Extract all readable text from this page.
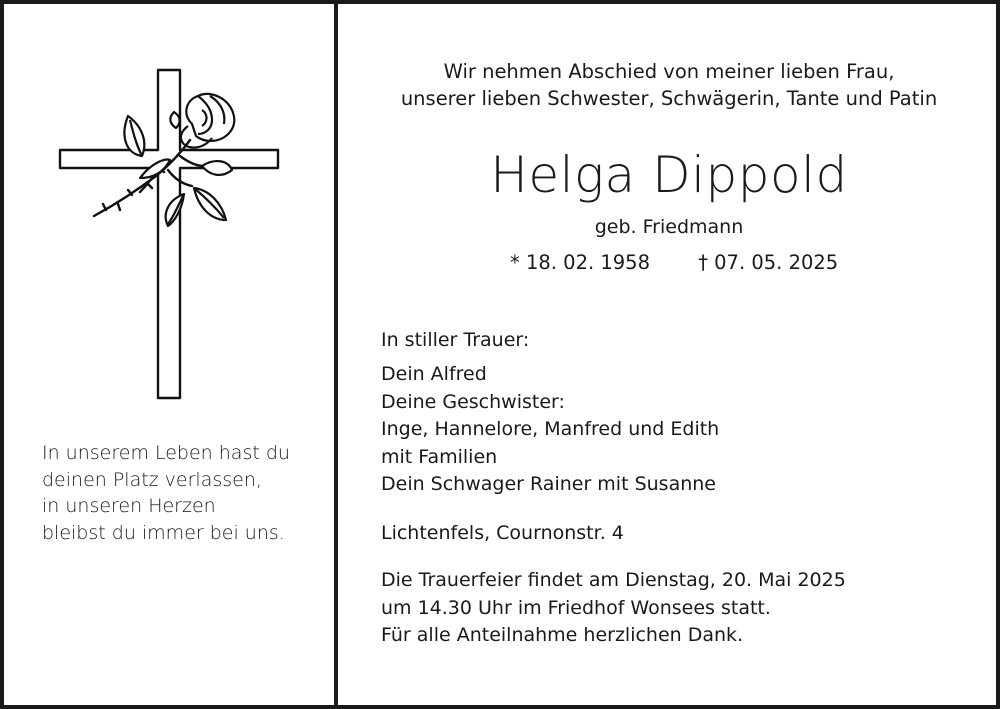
In unserem Leben hast du
deinen Platz verlassen,
in unseren Herzen
bleibst du immer bei uns.
Wir nehmen Abschied von meiner lieben Frau,
unserer lieben Schwester, Schwägerin, Tante und Patin
Helga Dippold
geb. Friedmann
* 18. 02. 1958 † 07. 05. 2025
In stiller Trauer:
Dein Alfred
Deine Geschwister:
Inge, Hannelore, Manfred und Edith
mit Familien
Dein Schwager Rainer mit Susanne
Lichtenfels, Cournonstr. 4
Die Trauerfeier findet am Dienstag, 20. Mai 2025
um 14.30 Uhr im Friedhof Wonsees statt.
Für alle Anteilnahme herzlichen Dank.
